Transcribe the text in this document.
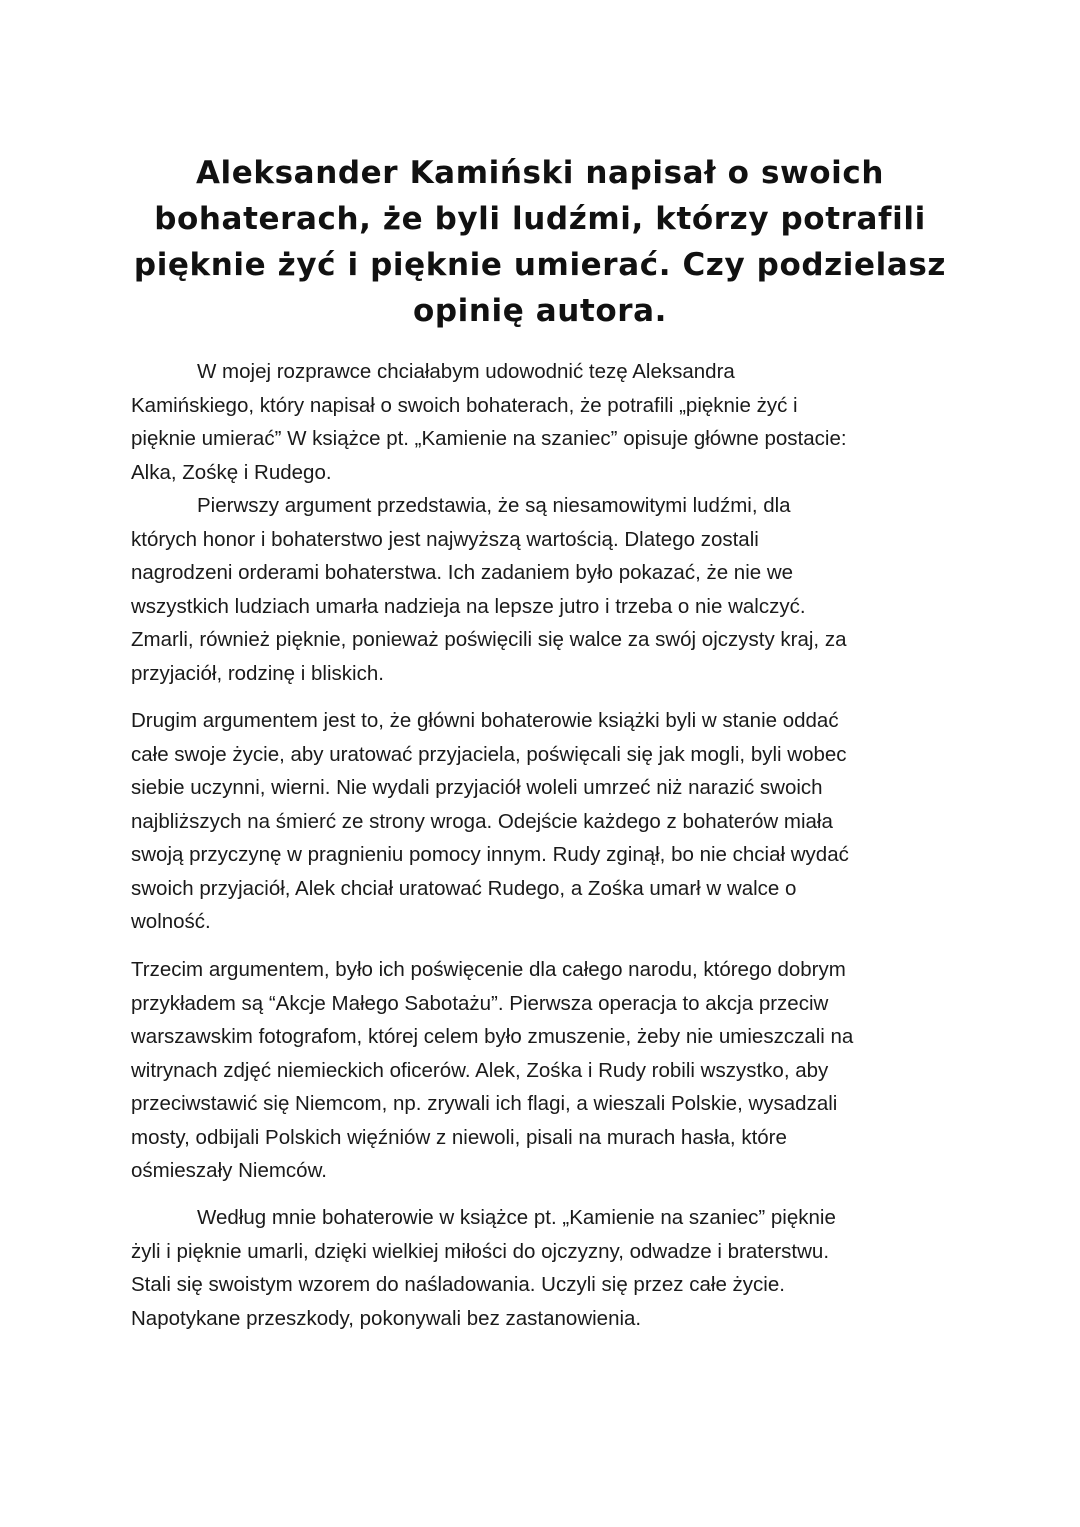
Aleksander Kamiński napisał o swoich
bohaterach, że byli ludźmi, którzy potrafili
pięknie żyć i pięknie umierać. Czy podzielasz
opinię autora.

W mojej rozprawce chciałabym udowodnić tezę Aleksandra
Kamińskiego, który napisał o swoich bohaterach, że potrafili „pięknie żyć i
pięknie umierać” W książce pt. „Kamienie na szaniec” opisuje główne postacie:
Alka, Zośkę i Rudego.

Pierwszy argument przedstawia, że są niesamowitymi ludźmi, dla
których honor i bohaterstwo jest najwyższą wartością. Dlatego zostali
nagrodzeni orderami bohaterstwa. Ich zadaniem było pokazać, że nie we
wszystkich ludziach umarła nadzieja na lepsze jutro i trzeba o nie walczyć.
Zmarli, również pięknie, ponieważ poświęcili się walce za swój ojczysty kraj, za
przyjaciół, rodzinę i bliskich.

Drugim argumentem jest to, że główni bohaterowie książki byli w stanie oddać
całe swoje życie, aby uratować przyjaciela, poświęcali się jak mogli, byli wobec
siebie uczynni, wierni. Nie wydali przyjaciół woleli umrzeć niż narazić swoich
najbliższych na śmierć ze strony wroga. Odejście każdego z bohaterów miała
swoją przyczynę w pragnieniu pomocy innym. Rudy zginął, bo nie chciał wydać
swoich przyjaciół, Alek chciał uratować Rudego, a Zośka umarł w walce o
wolność.

Trzecim argumentem, było ich poświęcenie dla całego narodu, którego dobrym
przykładem są “Akcje Małego Sabotażu”. Pierwsza operacja to akcja przeciw
warszawskim fotografom, której celem było zmuszenie, żeby nie umieszczali na
witrynach zdjęć niemieckich oficerów. Alek, Zośka i Rudy robili wszystko, aby
przeciwstawić się Niemcom, np. zrywali ich flagi, a wieszali Polskie, wysadzali
mosty, odbijali Polskich więźniów z niewoli, pisali na murach hasła, które
ośmieszały Niemców.

Według mnie bohaterowie w książce pt. „Kamienie na szaniec” pięknie
żyli i pięknie umarli, dzięki wielkiej miłości do ojczyzny, odwadze i braterstwu.
Stali się swoistym wzorem do naśladowania. Uczyli się przez całe życie.
Napotykane przeszkody, pokonywali bez zastanowienia.
